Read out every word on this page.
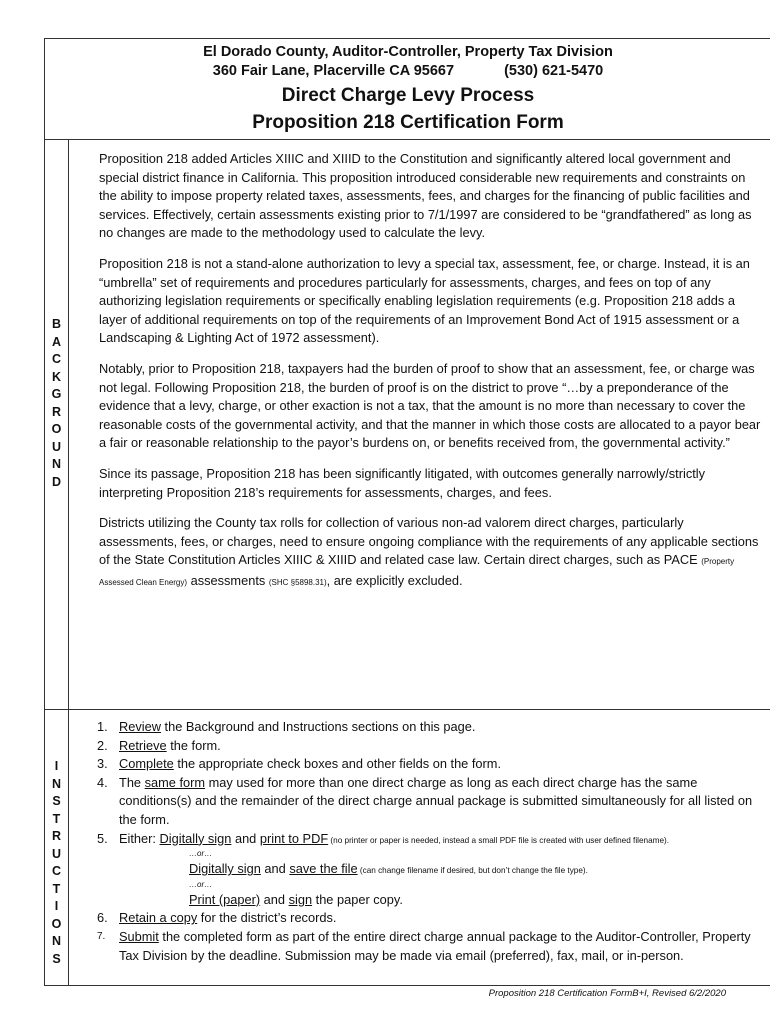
El Dorado County, Auditor-Controller, Property Tax Division
360 Fair Lane, Placerville CA 95667	(530) 621-5470
Direct Charge Levy Process
Proposition 218 Certification Form
B
A
C
K
G
R
O
U
N
D

Proposition 218 added Articles XIIIC and XIIID to the Constitution and significantly altered local government and special district finance in California. This proposition introduced considerable new requirements and constraints on the ability to impose property related taxes, assessments, fees, and charges for the financing of public facilities and services. Effectively, certain assessments existing prior to 7/1/1997 are considered to be “grandfathered” as long as no changes are made to the methodology used to calculate the levy.

Proposition 218 is not a stand-alone authorization to levy a special tax, assessment, fee, or charge. Instead, it is an “umbrella” set of requirements and procedures particularly for assessments, charges, and fees on top of any authorizing legislation requirements or specifically enabling legislation requirements (e.g. Proposition 218 adds a layer of additional requirements on top of the requirements of an Improvement Bond Act of 1915 assessment or a Landscaping & Lighting Act of 1972 assessment).

Notably, prior to Proposition 218, taxpayers had the burden of proof to show that an assessment, fee, or charge was not legal. Following Proposition 218, the burden of proof is on the district to prove “…by a preponderance of the evidence that a levy, charge, or other exaction is not a tax, that the amount is no more than necessary to cover the reasonable costs of the governmental activity, and that the manner in which those costs are allocated to a payor bear a fair or reasonable relationship to the payor’s burdens on, or benefits received from, the governmental activity.”

Since its passage, Proposition 218 has been significantly litigated, with outcomes generally narrowly/strictly interpreting Proposition 218’s requirements for assessments, charges, and fees.

Districts utilizing the County tax rolls for collection of various non-ad valorem direct charges, particularly assessments, fees, or charges, need to ensure ongoing compliance with the requirements of any applicable sections of the State Constitution Articles XIIIC & XIIID and related case law. Certain direct charges, such as PACE (Property Assessed Clean Energy) assessments (SHC §5898.31), are explicitly excluded.

I
N
S
T
R
U
C
T
I
O
N
S
1. Review the Background and Instructions sections on this page.
2. Retrieve the form.
3. Complete the appropriate check boxes and other fields on the form.
4. The same form may used for more than one direct charge as long as each direct charge has the same conditions(s) and the remainder of the direct charge annual package is submitted simultaneously for all listed on the form.
5. Either: Digitally sign and print to PDF (no printer or paper is needed, instead a small PDF file is created with user defined filename).
…or…
Digitally sign and save the file (can change filename if desired, but don’t change the file type).
…or…
Print (paper) and sign the paper copy.
6. Retain a copy for the district’s records.
7. Submit the completed form as part of the entire direct charge annual package to the Auditor-Controller, Property Tax Division by the deadline. Submission may be made via email (preferred), fax, mail, or in-person.
Proposition 218 Certification FormB+I, Revised 6/2/2020
